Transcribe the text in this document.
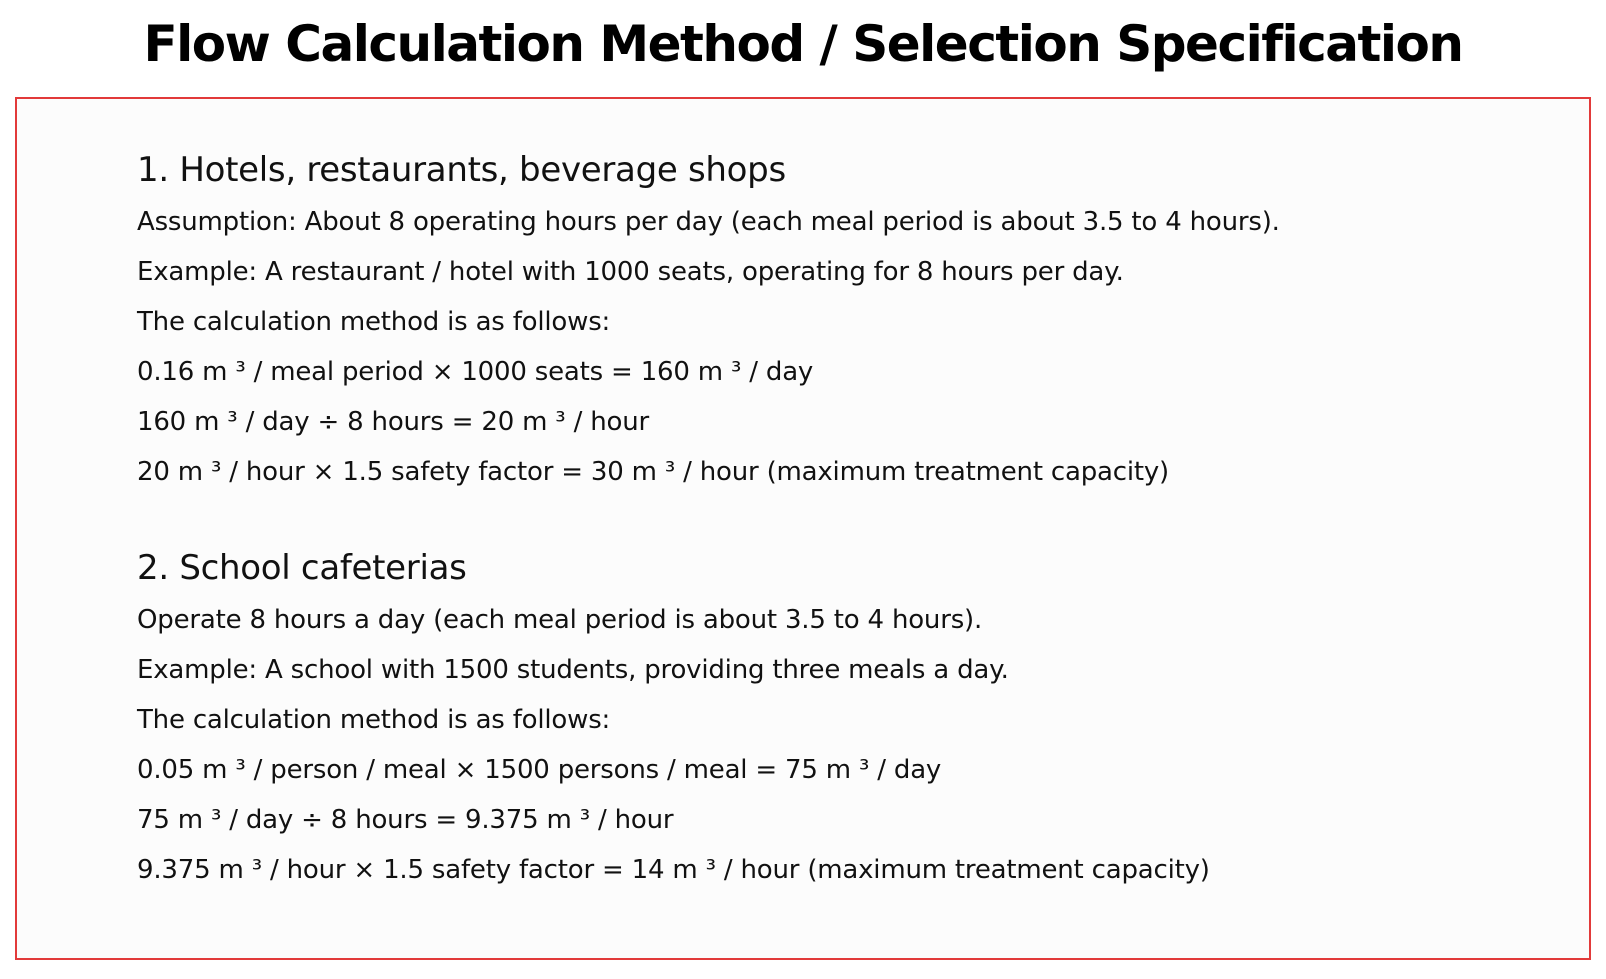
Flow Calculation Method / Selection Specification
1. Hotels, restaurants, beverage shops
Assumption: About 8 operating hours per day (each meal period is about 3.5 to 4 hours).
Example: A restaurant / hotel with 1000 seats, operating for 8 hours per day.
The calculation method is as follows:
0.16 m ³ / meal period × 1000 seats = 160 m ³ / day
160 m ³ / day ÷ 8 hours = 20 m ³ / hour
20 m ³ / hour × 1.5 safety factor = 30 m ³ / hour (maximum treatment capacity)
2. School cafeterias
Operate 8 hours a day (each meal period is about 3.5 to 4 hours).
Example: A school with 1500 students, providing three meals a day.
The calculation method is as follows:
0.05 m ³ / person / meal × 1500 persons / meal = 75 m ³ / day
75 m ³ / day ÷ 8 hours = 9.375 m ³ / hour
9.375 m ³ / hour × 1.5 safety factor = 14 m ³ / hour (maximum treatment capacity)
